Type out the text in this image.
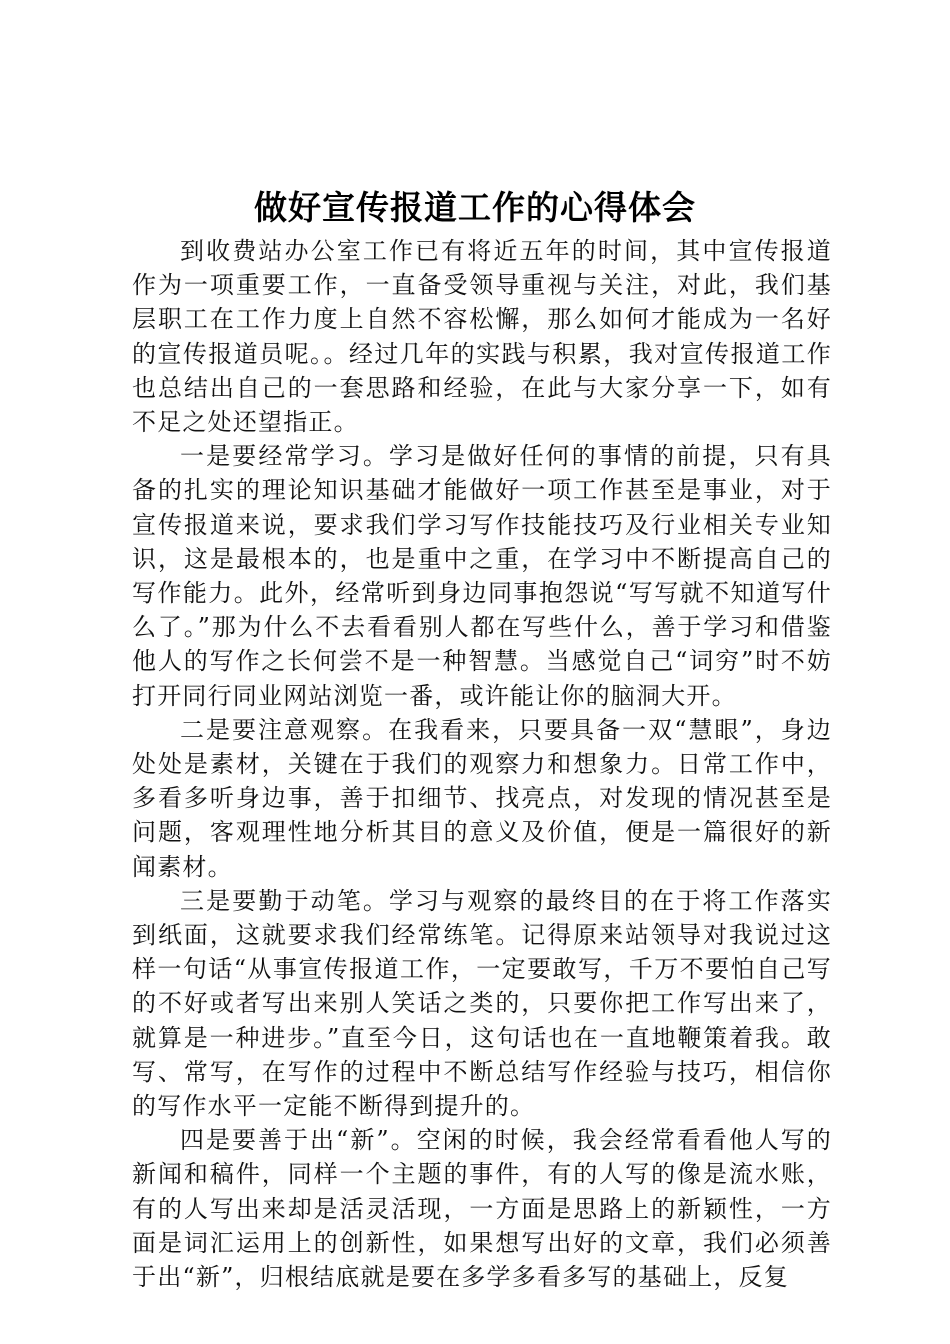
做好宣传报道工作的心得体会

到收费站办公室工作已有将近五年的时间，其中宣传报道作为一项重要工作，一直备受领导重视与关注，对此，我们基层职工在工作力度上自然不容松懈，那么如何才能成为一名好的宣传报道员呢。。经过几年的实践与积累，我对宣传报道工作也总结出自己的一套思路和经验，在此与大家分享一下，如有不足之处还望指正。

一是要经常学习。学习是做好任何的事情的前提，只有具备的扎实的理论知识基础才能做好一项工作甚至是事业，对于宣传报道来说，要求我们学习写作技能技巧及行业相关专业知识，这是最根本的，也是重中之重，在学习中不断提高自己的写作能力。此外，经常听到身边同事抱怨说“写写就不知道写什么了。”那为什么不去看看别人都在写些什么，善于学习和借鉴他人的写作之长何尝不是一种智慧。当感觉自己“词穷”时不妨打开同行同业网站浏览一番，或许能让你的脑洞大开。

二是要注意观察。在我看来，只要具备一双“慧眼”，身边处处是素材，关键在于我们的观察力和想象力。日常工作中，多看多听身边事，善于扣细节、找亮点，对发现的情况甚至是问题，客观理性地分析其目的意义及价值，便是一篇很好的新闻素材。

三是要勤于动笔。学习与观察的最终目的在于将工作落实到纸面，这就要求我们经常练笔。记得原来站领导对我说过这样一句话“从事宣传报道工作，一定要敢写，千万不要怕自己写的不好或者写出来别人笑话之类的，只要你把工作写出来了，就算是一种进步。”直至今日，这句话也在一直地鞭策着我。敢写、常写，在写作的过程中不断总结写作经验与技巧，相信你的写作水平一定能不断得到提升的。

四是要善于出“新”。空闲的时候，我会经常看看他人写的新闻和稿件，同样一个主题的事件，有的人写的像是流水账，有的人写出来却是活灵活现，一方面是思路上的新颖性，一方面是词汇运用上的创新性，如果想写出好的文章，我们必须善于出“新”，归根结底就是要在多学多看多写的基础上，反复
